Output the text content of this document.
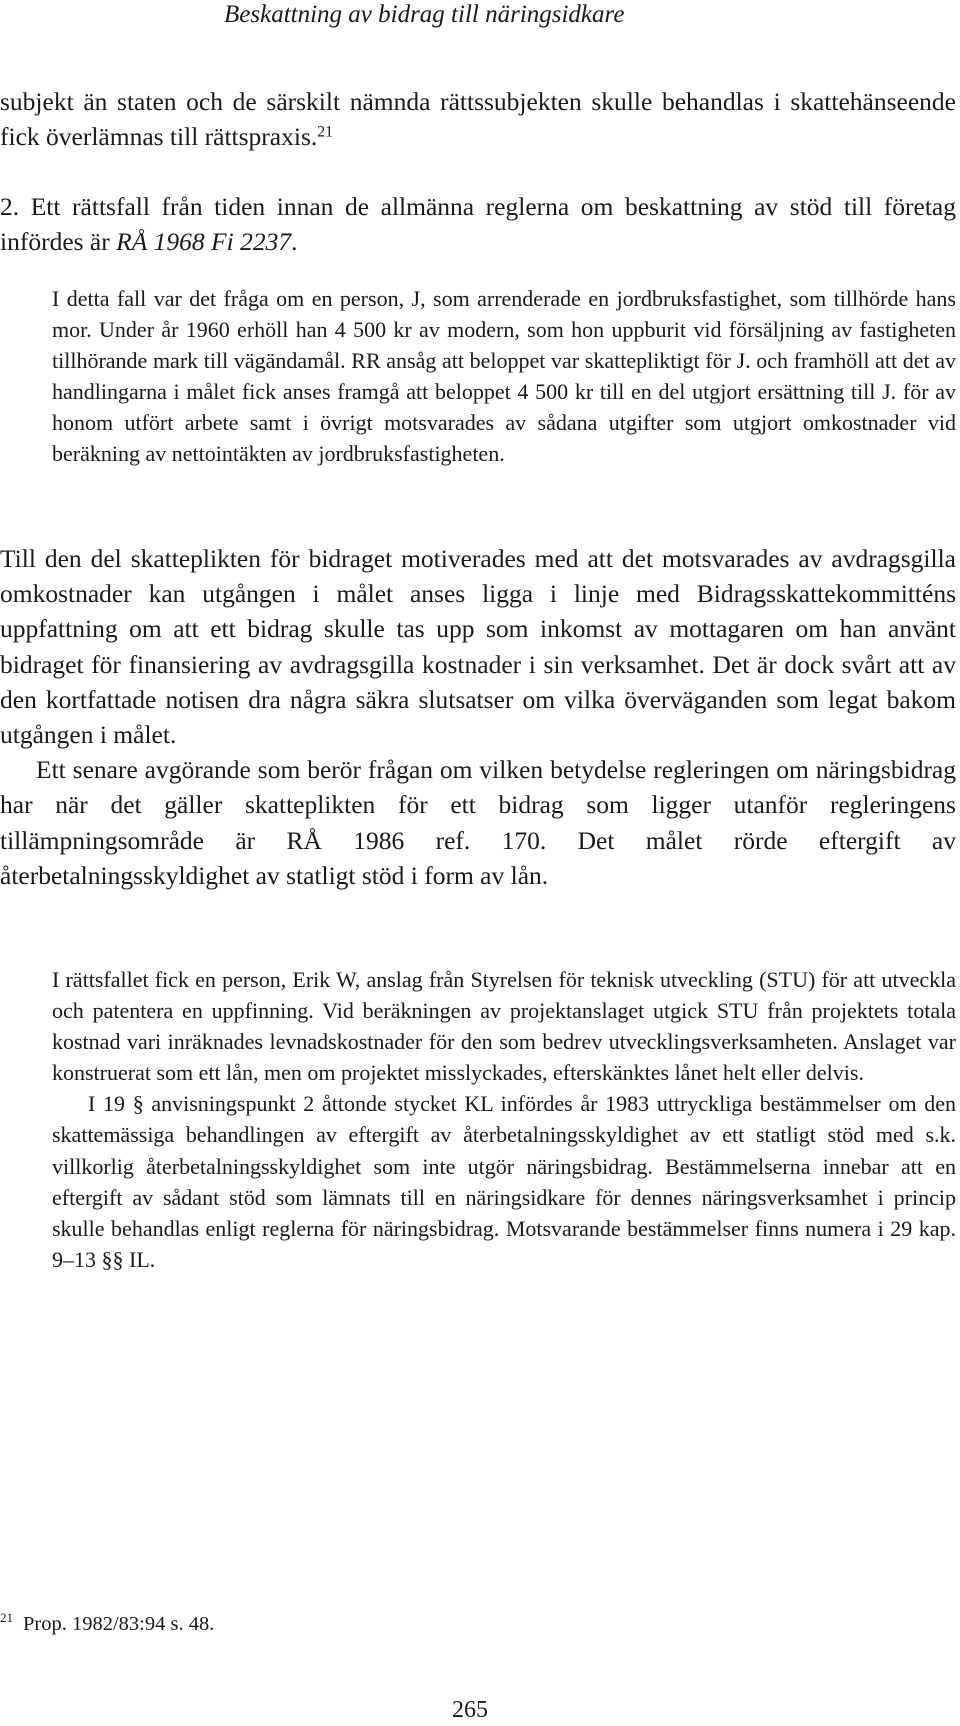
Beskattning av bidrag till näringsidkare

subjekt än staten och de särskilt nämnda rättssubjekten skulle behandlas i skattehänseende fick överlämnas till rättspraxis.$^{21}$

2. Ett rättsfall från tiden innan de allmänna reglerna om beskattning av stöd till företag infördes är RÅ 1968 Fi 2237.

I detta fall var det fråga om en person, J, som arrenderade en jordbruksfastighet, som tillhörde hans mor. Under år 1960 erhöll han 4 500 kr av modern, som hon uppburit vid försäljning av fastigheten tillhörande mark till vägändamål. RR ansåg att beloppet var skattepliktigt för J. och framhöll att det av handlingarna i målet fick anses framgå att beloppet 4 500 kr till en del utgjort ersättning till J. för av honom utfört arbete samt i övrigt motsvarades av sådana utgifter som utgjort omkostnader vid beräkning av nettointäkten av jordbruksfastigheten.

Till den del skatteplikten för bidraget motiverades med att det motsvarades av avdragsgilla omkostnader kan utgången i målet anses ligga i linje med Bidragsskattekommitténs uppfattning om att ett bidrag skulle tas upp som inkomst av mottagaren om han använt bidraget för finansiering av avdragsgilla kostnader i sin verksamhet. Det är dock svårt att av den kortfattade notisen dra några säkra slutsatser om vilka överväganden som legat bakom utgången i målet.

Ett senare avgörande som berör frågan om vilken betydelse regleringen om näringsbidrag har när det gäller skatteplikten för ett bidrag som ligger utanför regleringens tillämpningsområde är RÅ 1986 ref. 170. Det målet rörde eftergift av återbetalningsskyldighet av statligt stöd i form av lån.

I rättsfallet fick en person, Erik W, anslag från Styrelsen för teknisk utveckling (STU) för att utveckla och patentera en uppfinning. Vid beräkningen av projektanslaget utgick STU från projektets totala kostnad vari inräknades levnadskostnader för den som bedrev utvecklingsverksamheten. Anslaget var konstruerat som ett lån, men om projektet misslyckades, efterskänktes lånet helt eller delvis.

I 19 § anvisningspunkt 2 åttonde stycket KL infördes år 1983 uttryckliga bestämmelser om den skattemässiga behandlingen av eftergift av återbetalningsskyldighet av ett statligt stöd med s.k. villkorlig återbetalningsskyldighet som inte utgör näringsbidrag. Bestämmelserna innebar att en eftergift av sådant stöd som lämnats till en näringsidkare för dennes näringsverksamhet i princip skulle behandlas enligt reglerna för näringsbidrag. Motsvarande bestämmelser finns numera i 29 kap. 9–13 §§ IL.

$^{21}$ Prop. 1982/83:94 s. 48.
265
